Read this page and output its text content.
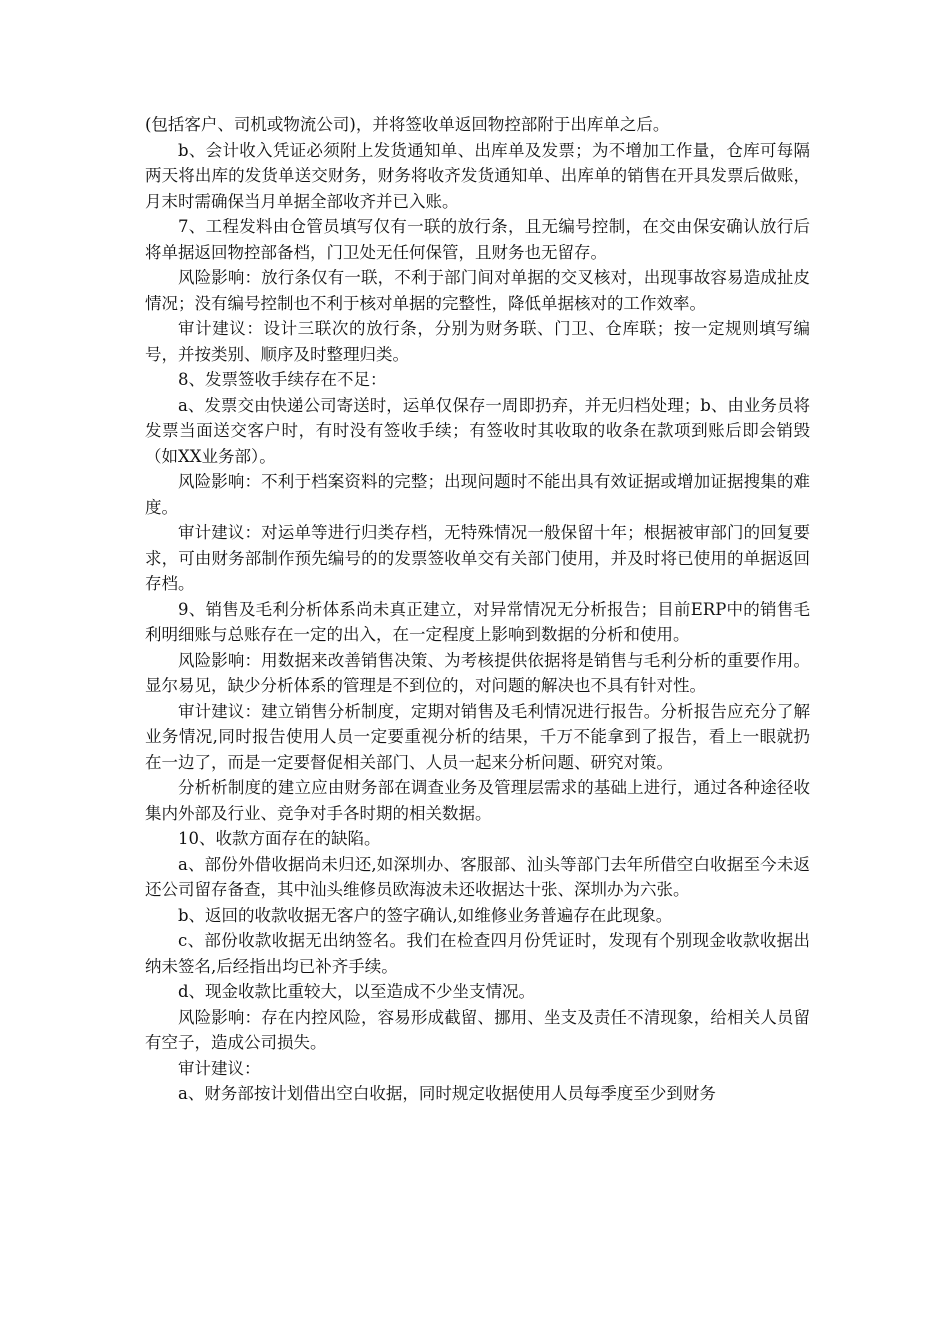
(包括客户、司机或物流公司)，并将签收单返回物控部附于出库单之后。

b、会计收入凭证必须附上发货通知单、出库单及发票；为不增加工作量，仓库可每隔两天将出库的发货单送交财务，财务将收齐发货通知单、出库单的销售在开具发票后做账，月末时需确保当月单据全部收齐并已入账。

7、工程发料由仓管员填写仅有一联的放行条，且无编号控制，在交由保安确认放行后将单据返回物控部备档，门卫处无任何保管，且财务也无留存。

风险影响：放行条仅有一联，不利于部门间对单据的交叉核对，出现事故容易造成扯皮情况；没有编号控制也不利于核对单据的完整性，降低单据核对的工作效率。

审计建议：设计三联次的放行条，分别为财务联、门卫、仓库联；按一定规则填写编号，并按类别、顺序及时整理归类。

8、发票签收手续存在不足：

a、发票交由快递公司寄送时，运单仅保存一周即扔弃，并无归档处理；b、由业务员将发票当面送交客户时，有时没有签收手续；有签收时其收取的收条在款项到账后即会销毁（如XX业务部）。

风险影响：不利于档案资料的完整；出现问题时不能出具有效证据或增加证据搜集的难度。

审计建议：对运单等进行归类存档，无特殊情况一般保留十年；根据被审部门的回复要求，可由财务部制作预先编号的的发票签收单交有关部门使用，并及时将已使用的单据返回存档。

9、销售及毛利分析体系尚未真正建立，对异常情况无分析报告；目前ERP中的销售毛利明细账与总账存在一定的出入，在一定程度上影响到数据的分析和使用。

风险影响：用数据来改善销售决策、为考核提供依据将是销售与毛利分析的重要作用。显尔易见，缺少分析体系的管理是不到位的，对问题的解决也不具有针对性。

审计建议：建立销售分析制度，定期对销售及毛利情况进行报告。分析报告应充分了解业务情况,同时报告使用人员一定要重视分析的结果，千万不能拿到了报告，看上一眼就扔在一边了，而是一定要督促相关部门、人员一起来分析问题、研究对策。

分析析制度的建立应由财务部在调查业务及管理层需求的基础上进行，通过各种途径收集内外部及行业、竞争对手各时期的相关数据。

10、收款方面存在的缺陷。

a、部份外借收据尚未归还,如深圳办、客服部、汕头等部门去年所借空白收据至今未返还公司留存备查，其中汕头维修员欧海波未还收据达十张、深圳办为六张。

b、返回的收款收据无客户的签字确认,如维修业务普遍存在此现象。

c、部份收款收据无出纳签名。我们在检查四月份凭证时，发现有个别现金收款收据出纳未签名,后经指出均已补齐手续。

d、现金收款比重较大，以至造成不少坐支情况。

风险影响：存在内控风险，容易形成截留、挪用、坐支及责任不清现象，给相关人员留有空子，造成公司损失。

审计建议：

a、财务部按计划借出空白收据，同时规定收据使用人员每季度至少到财务
